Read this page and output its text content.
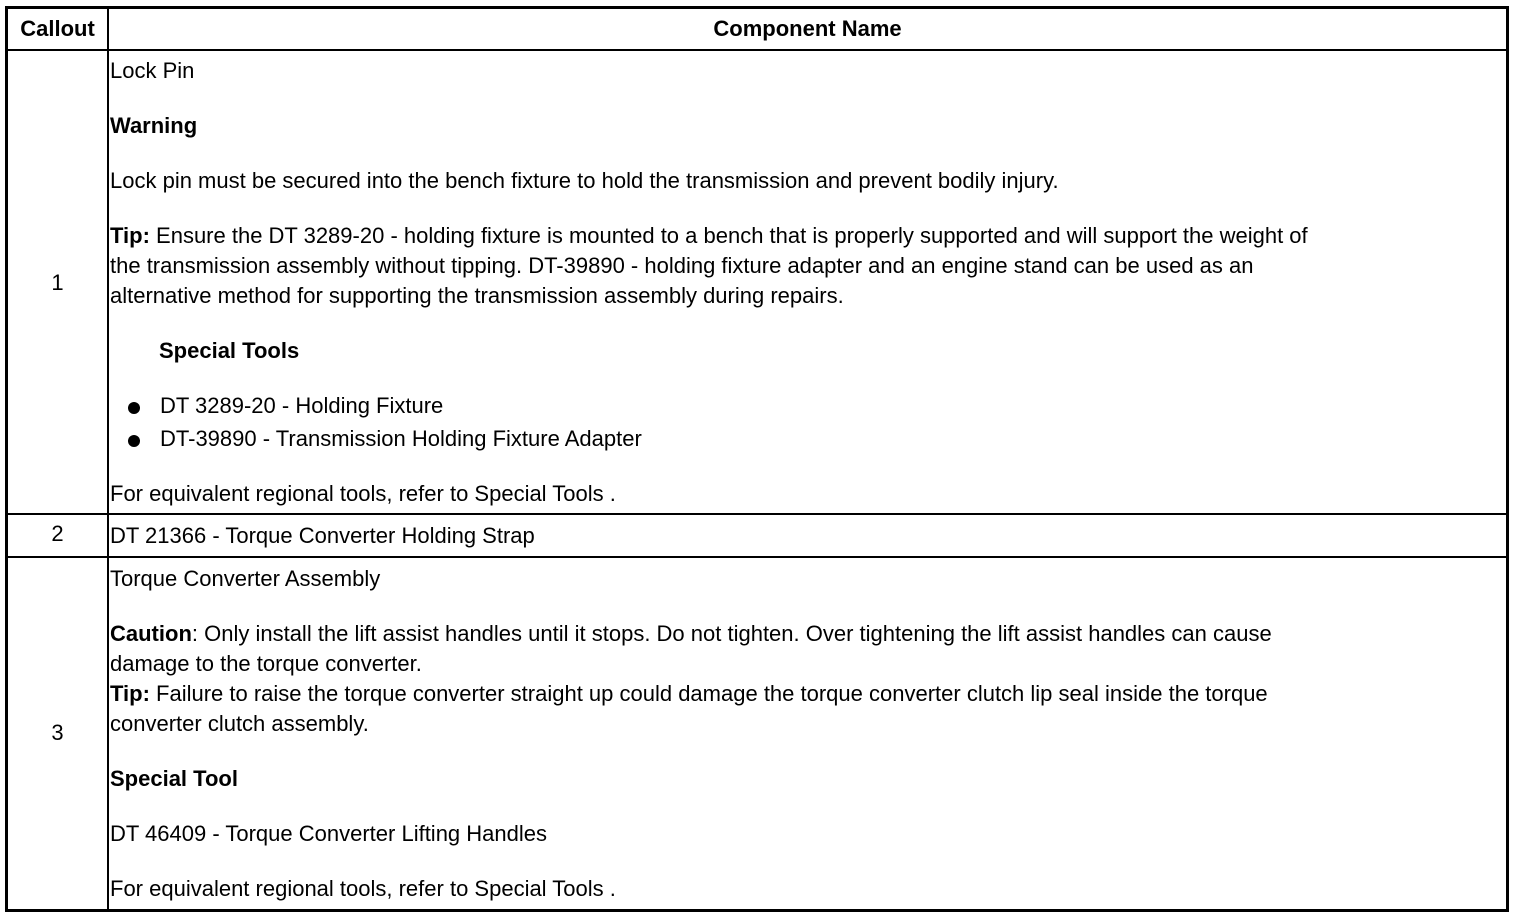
Callout	Component Name
1
Lock Pin
Warning
Lock pin must be secured into the bench fixture to hold the transmission and prevent bodily injury.
Tip: Ensure the DT 3289-20 - holding fixture is mounted to a bench that is properly supported and will support the weight of
the transmission assembly without tipping. DT-39890 - holding fixture adapter and an engine stand can be used as an
alternative method for supporting the transmission assembly during repairs.
Special Tools
DT 3289-20 - Holding Fixture
DT-39890 - Transmission Holding Fixture Adapter
For equivalent regional tools, refer to Special Tools .
2	DT 21366 - Torque Converter Holding Strap
3
Torque Converter Assembly
Caution: Only install the lift assist handles until it stops. Do not tighten. Over tightening the lift assist handles can cause
damage to the torque converter.
Tip: Failure to raise the torque converter straight up could damage the torque converter clutch lip seal inside the torque
converter clutch assembly.
Special Tool
DT 46409 - Torque Converter Lifting Handles
For equivalent regional tools, refer to Special Tools .
